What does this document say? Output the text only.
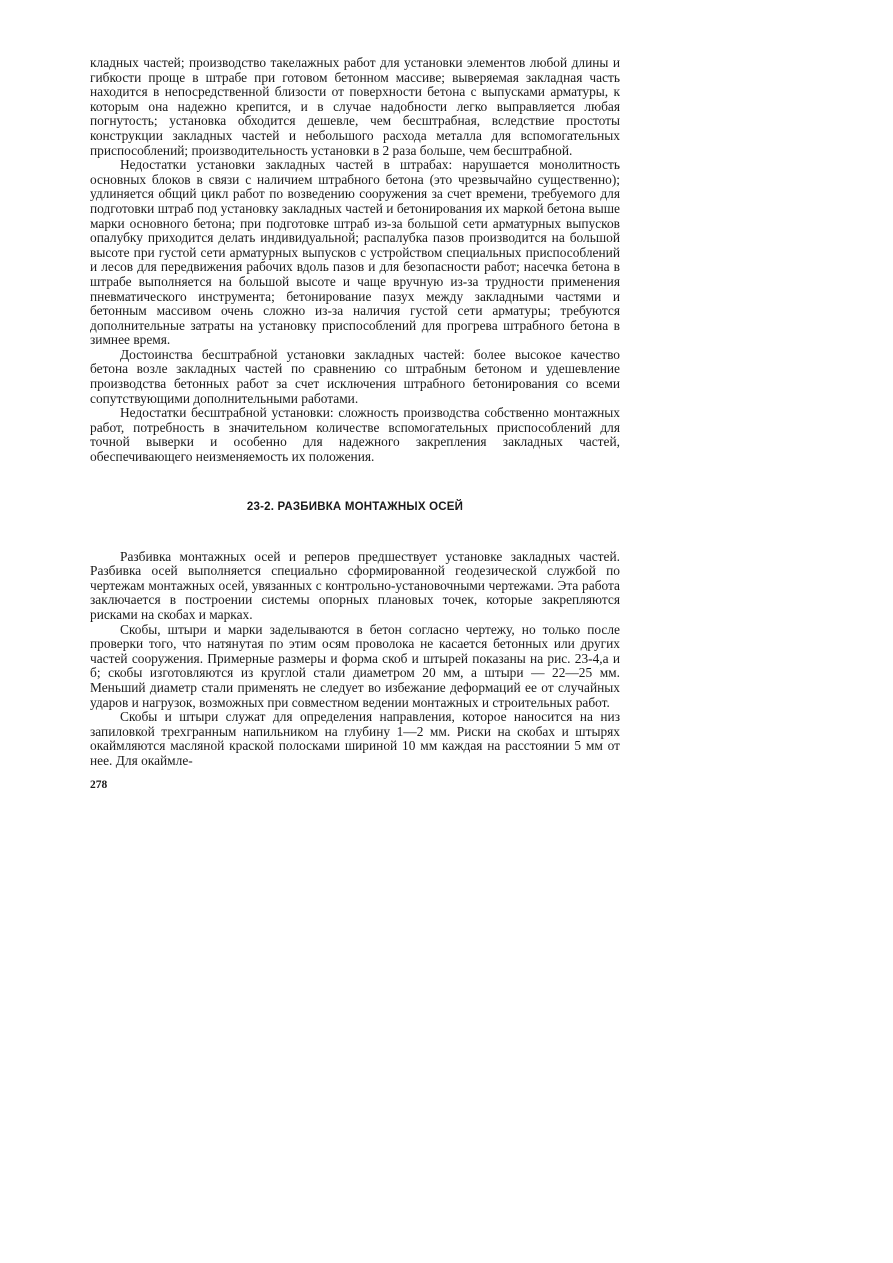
кладных частей; производство такелажных работ для установки элементов любой длины и гибкости проще в штрабе при готовом бетонном массиве; выверяемая закладная часть находится в непосредственной близости от поверхности бетона с выпусками арматуры, к которым она надежно крепится, и в случае надобности легко выправляется любая погнутость; установка обходится дешевле, чем бесштрабная, вследствие простоты конструкции закладных частей и небольшого расхода металла для вспомогательных приспособлений; производительность установки в 2 раза больше, чем бесштрабной.

Недостатки установки закладных частей в штрабах: нарушается монолитность основных блоков в связи с наличием штрабного бетона (это чрезвычайно существенно); удлиняется общий цикл работ по возведению сооружения за счет времени, требуемого для подготовки штраб под установку закладных частей и бетонирования их маркой бетона выше марки основного бетона; при подготовке штраб из-за большой сети арматурных выпусков опалубку приходится делать индивидуальной; распалубка пазов производится на большой высоте при густой сети арматурных выпусков с устройством специальных приспособлений и лесов для передвижения рабочих вдоль пазов и для безопасности работ; насечка бетона в штрабе выполняется на большой высоте и чаще вручную из-за трудности применения пневматического инструмента; бетонирование пазух между закладными частями и бетонным массивом очень сложно из-за наличия густой сети арматуры; требуются дополнительные затраты на установку приспособлений для прогрева штрабного бетона в зимнее время.

Достоинства бесштрабной установки закладных частей: более высокое качество бетона возле закладных частей по сравнению со штрабным бетоном и удешевление производства бетонных работ за счет исключения штрабного бетонирования со всеми сопутствующими дополнительными работами.

Недостатки бесштрабной установки: сложность производства собственно монтажных работ, потребность в значительном количестве вспомогательных приспособлений для точной выверки и особенно для надежного закрепления закладных частей, обеспечивающего неизменяемость их положения.

23-2. РАЗБИВКА МОНТАЖНЫХ ОСЕЙ

Разбивка монтажных осей и реперов предшествует установке закладных частей. Разбивка осей выполняется специально сформированной геодезической службой по чертежам монтажных осей, увязанных с контрольно-установочными чертежами. Эта работа заключается в построении системы опорных плановых точек, которые закрепляются рисками на скобах и марках.

Скобы, штыри и марки заделываются в бетон согласно чертежу, но только после проверки того, что натянутая по этим осям проволока не касается бетонных или других частей сооружения. Примерные размеры и форма скоб и штырей показаны на рис. 23-4,а и б; скобы изготовляются из круглой стали диаметром 20 мм, а штыри — 22—25 мм. Меньший диаметр стали применять не следует во избежание деформаций ее от случайных ударов и нагрузок, возможных при совместном ведении монтажных и строительных работ.

Скобы и штыри служат для определения направления, которое наносится на низ запиловкой трехгранным напильником на глубину 1—2 мм. Риски на скобах и штырях окаймляются масляной краской полосками шириной 10 мм каждая на расстоянии 5 мм от нее. Для окаймле-

278
